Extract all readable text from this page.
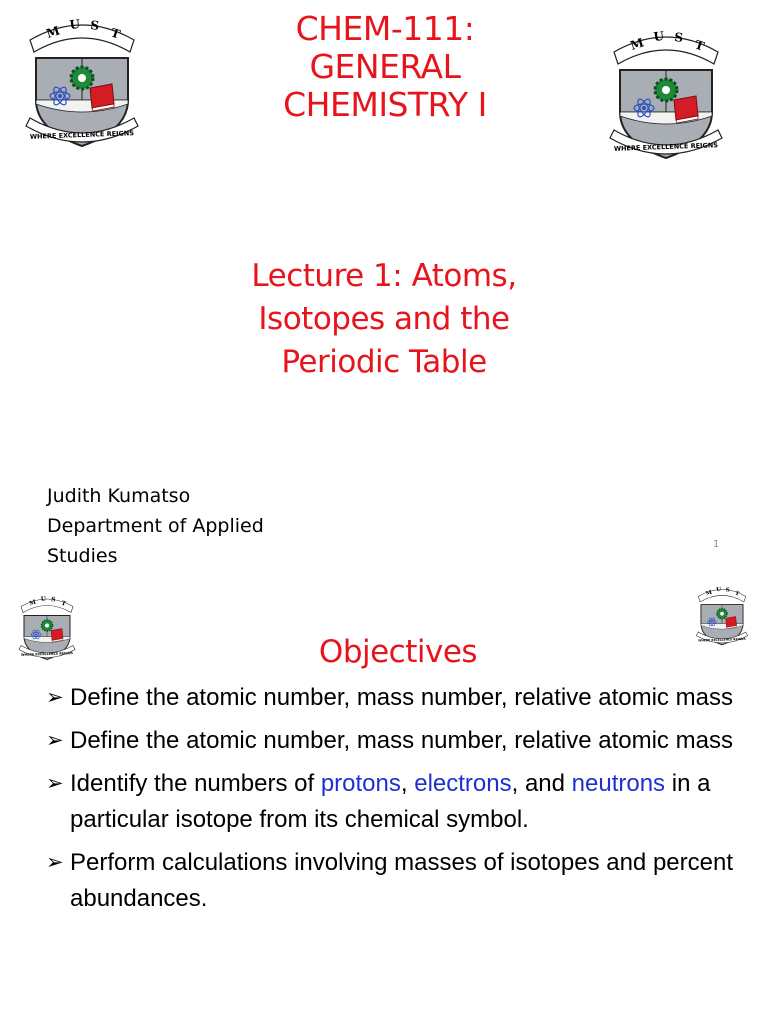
M U S
T
WHERE EXCELLENCE REIGNS
M U S
T
WHERE EXCELLENCE REIGNS
CHEM-111:
GENERAL
CHEMISTRY I
Lecture 1: Atoms,
Isotopes and the
Periodic Table
Judith Kumatso
Department of Applied
Studies
1
M U S
T
WHERE EXCELLENCE REIGNS
M U S
T
WHERE EXCELLENCE REIGNS
Objectives
➢ Define the atomic number, mass number, relative atomic mass
➢ Define the atomic number, mass number, relative atomic mass
➢ Identify the numbers of protons, electrons, and neutrons in a particular isotope from its chemical symbol.
➢ Perform calculations involving masses of isotopes and percent abundances.
